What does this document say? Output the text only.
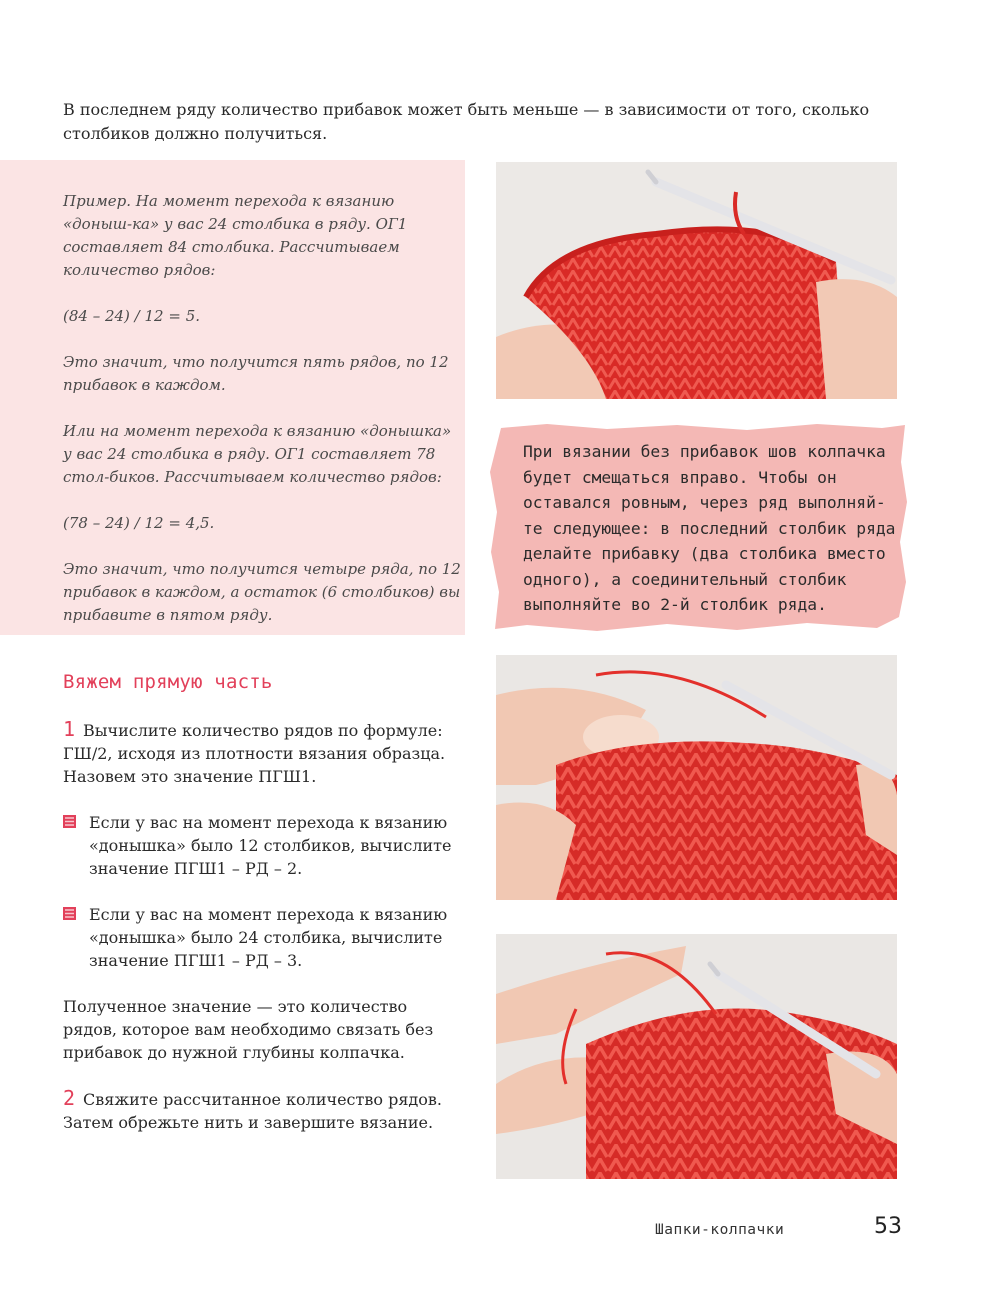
В последнем ряду количество прибавок может быть меньше — в зависимости от того, сколько столбиков должно получиться.

Пример. На момент перехода к вязанию «доныш-ка» у вас 24 столбика в ряду. ОГ1 составляет 84 столбика. Рассчитываем количество рядов:

(84 – 24) / 12 = 5.

Это значит, что получится пять рядов, по 12 прибавок в каждом.

Или на момент перехода к вязанию «донышка» у вас 24 столбика в ряду. ОГ1 составляет 78 стол-биков. Рассчитываем количество рядов:

(78 – 24) / 12 = 4,5.

Это значит, что получится четыре ряда, по 12 прибавок в каждом, а остаток (6 столбиков) вы прибавите в пятом ряду.

При вязании без прибавок шов колпачка будет смещаться вправо. Чтобы он оставался ровным, через ряд выполняй-те следующее: в последний столбик ряда делайте прибавку (два столбика вместо одного), а соединительный столбик выполняйте во 2-й столбик ряда.

Вяжем прямую часть

1 Вычислите количество рядов по формуле: ГШ/2, исходя из плотности вязания образца. Назовем это значение ПГШ1.

Если у вас на момент перехода к вязанию «донышка» было 12 столбиков, вычислите значение ПГШ1 – РД – 2.

Если у вас на момент перехода к вязанию «донышка» было 24 столбика, вычислите значение ПГШ1 – РД – 3.

Полученное значение — это количество рядов, которое вам необходимо связать без прибавок до нужной глубины колпачка.

2 Свяжите рассчитанное количество рядов. Затем обрежьте нить и завершите вязание.

Шапки-колпачки	53
